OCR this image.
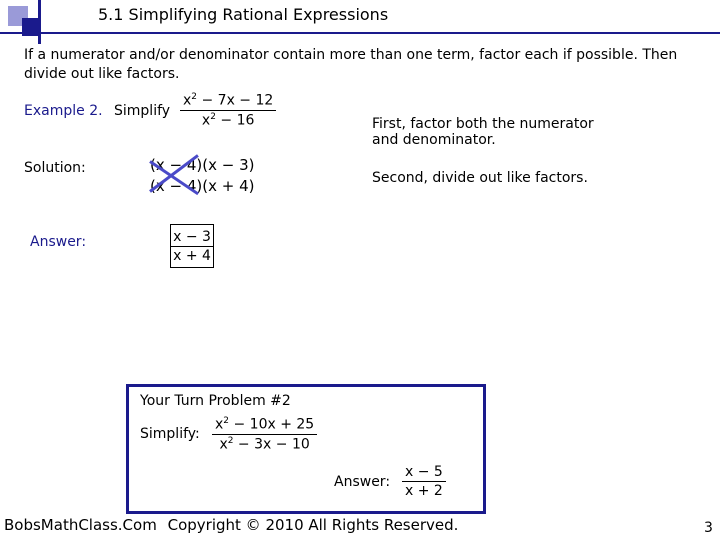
5.1 Simplifying Rational Expressions
If a numerator and/or denominator contain more than one term, factor each if possible. Then divide out like factors.
Example 2. Simplify $\frac{x^2 - 7x - 12}{x^2 - 16}$	First, factor both the numerator and denominator.
Second, divide out like factors.
Solution:	(x − 4)(x − 3)
(x − 4)(x + 4)
Answer:	$\frac{x - 3}{x + 4}$
Your Turn Problem #2
Simplify: $\frac{x^2 - 10x + 25}{x^2 - 3x - 10}$
Answer: $\frac{x - 5}{x + 2}$
BobsMathClass.Com Copyright © 2010 All Rights Reserved.	3
